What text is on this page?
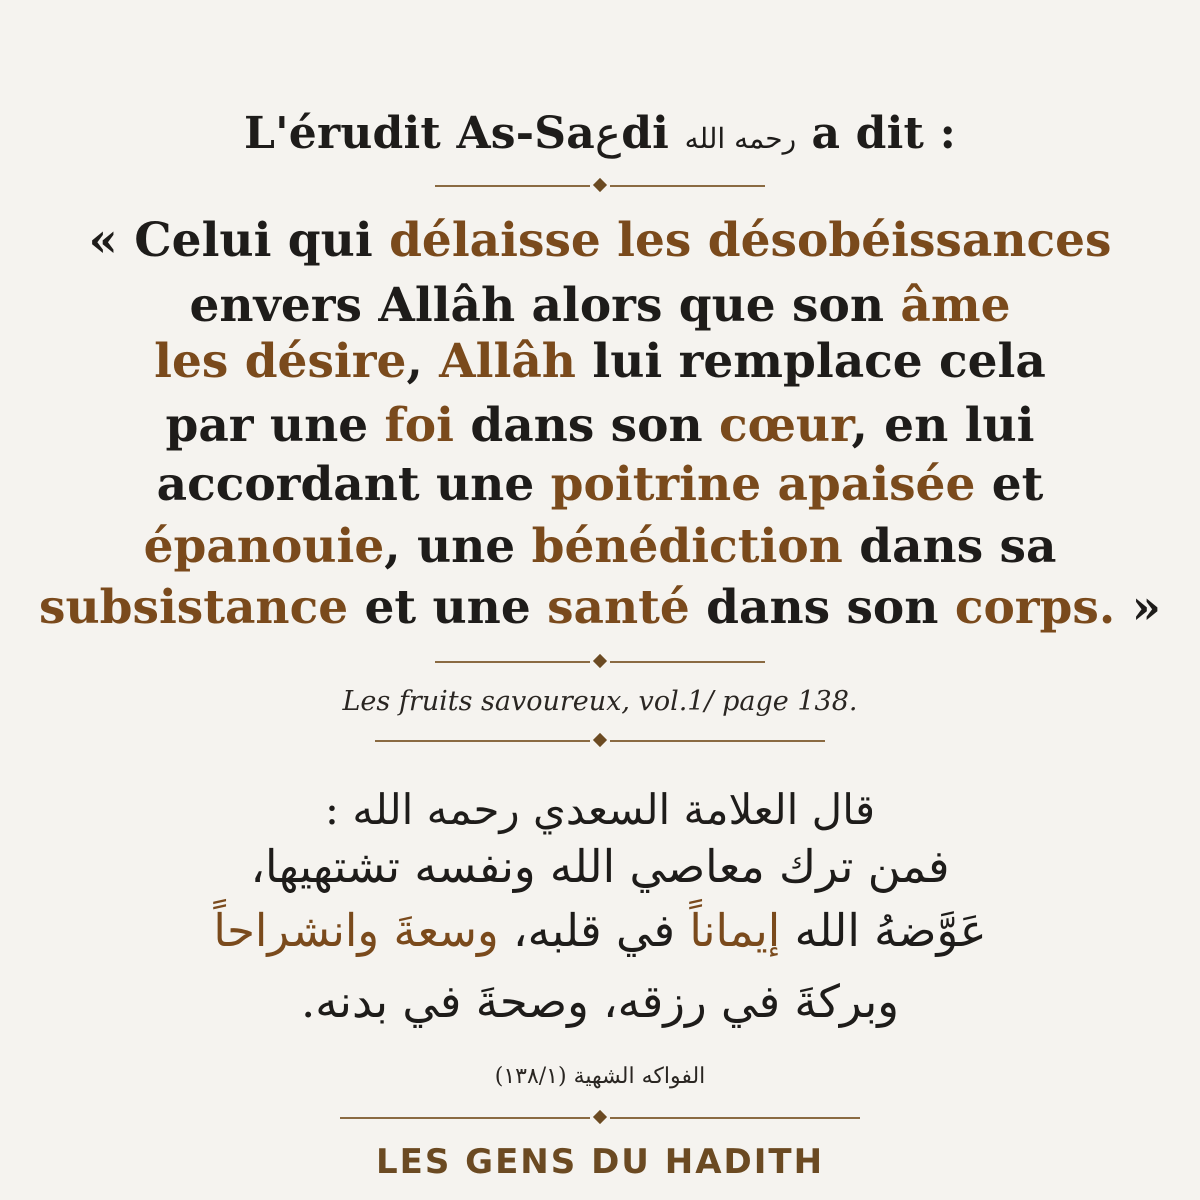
L'érudit As-Saعdi رحمه الله a dit :
« Celui qui délaisse les désobéissances
envers Allâh alors que son âme
les désire, Allâh lui remplace cela
par une foi dans son cœur, en lui
accordant une poitrine apaisée et
épanouie, une bénédiction dans sa
subsistance et une santé dans son corps. »
Les fruits savoureux, vol.1/ page 138.
قال العلامة السعدي رحمه الله :
فمن ترك معاصي الله ونفسه تشتهيها،
عَوَّضهُ الله إيماناً في قلبه، وسعةَ وانشراحاً
وبركةَ في رزقه، وصحةَ في بدنه.
الفواكه الشهية (١٣٨/١)
LES GENS DU HADITH
